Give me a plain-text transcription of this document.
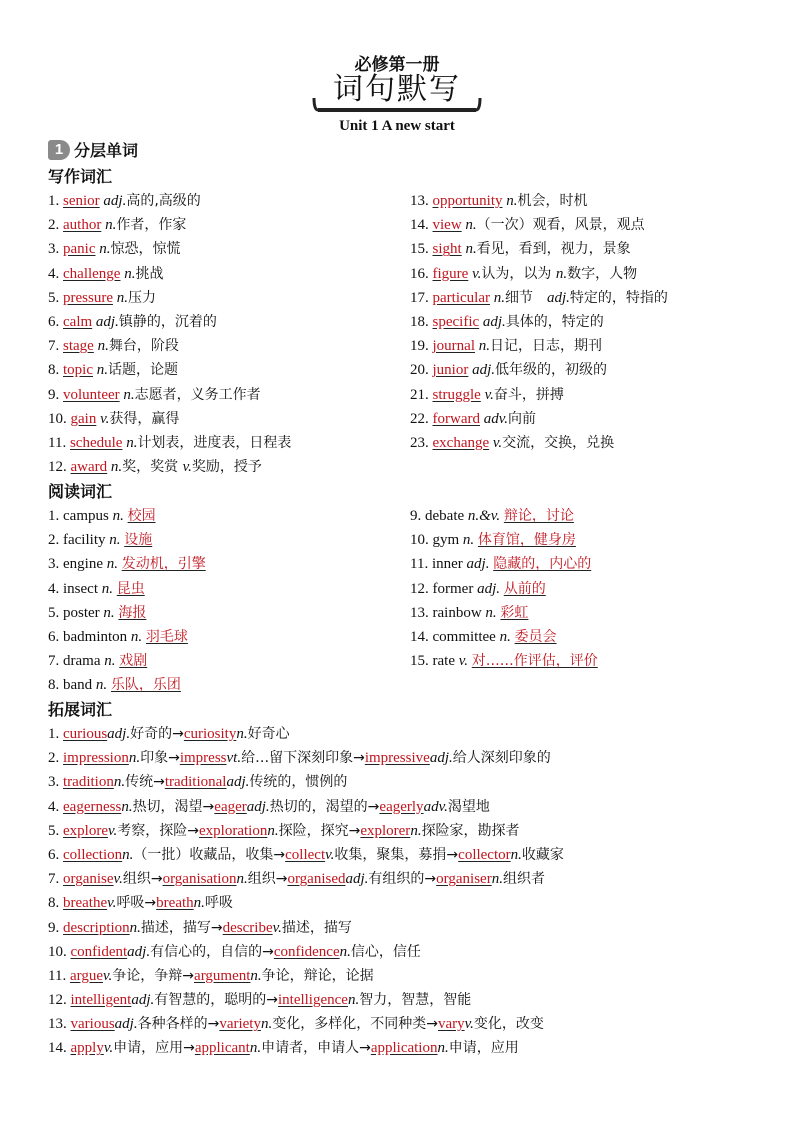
必修第一册
词句默写
Unit 1 A new start
1 分层单词
写作词汇
1. senior adj.高的,高级的
2. author n.作者，作家
3. panic n.惊恐，惊慌
4. challenge n.挑战
5. pressure n.压力
6. calm adj.镇静的，沉着的
7. stage n.舞台，阶段
8. topic n.话题，论题
9. volunteer n.志愿者，义务工作者
10. gain v.获得，赢得
11. schedule n.计划表，进度表，日程表
12. award n.奖，奖赏 v.奖励，授予
13. opportunity n.机会，时机
14. view n.（一次）观看，风景，观点
15. sight n.看见，看到，视力，景象
16. figure v.认为，以为 n.数字，人物
17. particular n.细节　adj.特定的，特指的
18. specific adj.具体的，特定的
19. journal n.日记，日志，期刊
20. junior adj.低年级的，初级的
21. struggle v.奋斗，拼搏
22. forward adv.向前
23. exchange v.交流，交换，兑换
阅读词汇
1. campus n. 校园
2. facility n. 设施
3. engine n. 发动机，引擎
4. insect n. 昆虫
5. poster n. 海报
6. badminton n. 羽毛球
7. drama n. 戏剧
8. band n. 乐队，乐团
9. debate n.&v. 辩论，讨论
10. gym n. 体育馆，健身房
11. inner adj. 隐藏的，内心的
12. former adj. 从前的
13. rainbow n. 彩虹
14. committee n. 委员会
15. rate v. 对……作评估，评价
拓展词汇
1. curiousadj.好奇的→curiosityn.好奇心
2. impressionn.印象→impressvt.给…留下深刻印象→impressiveadj.给人深刻印象的
3. traditionn.传统→traditionaladj.传统的，惯例的
4. eagernessn.热切，渴望→eageradj.热切的，渴望的→eagerlyadv.渴望地
5. explorev.考察，探险→explorationn.探险，探究→explorern.探险家，勘探者
6. collectionn.（一批）收藏品，收集→collectv.收集，聚集，募捐→collectorn.收藏家
7. organisev.组织→organisationn.组织→organisedadj.有组织的→organisern.组织者
8. breathev.呼吸→breathn.呼吸
9. descriptionn.描述，描写→describev.描述，描写
10. confidentadj.有信心的，自信的→confidencen.信心，信任
11. arguev.争论，争辩→argumentn.争论，辩论，论据
12. intelligentadj.有智慧的，聪明的→intelligencen.智力，智慧，智能
13. variousadj.各种各样的→varietyn.变化，多样化，不同种类→varyv.变化，改变
14. applyv.申请，应用→applicantn.申请者，申请人→applicationn.申请，应用
